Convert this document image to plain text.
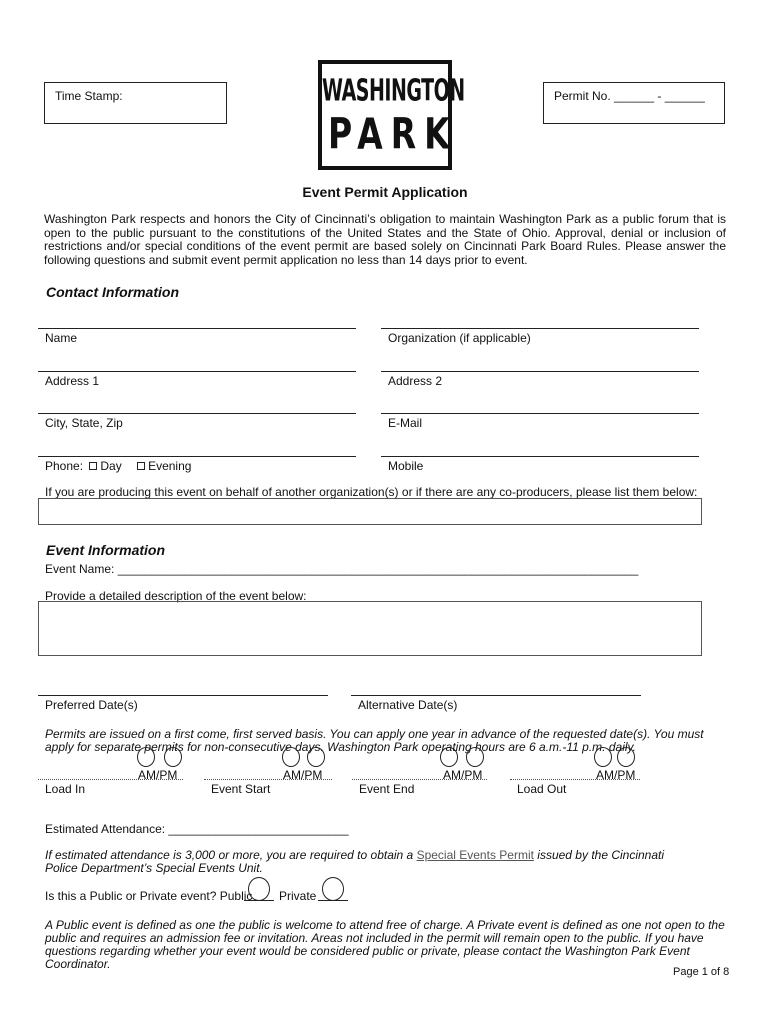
Time Stamp:	Permit No. ______ - ______
WASHINGTON
PARK
Event Permit Application
Washington Park respects and honors the City of Cincinnati’s obligation to maintain Washington Park as a public forum that is open to the public pursuant to the constitutions of the United States and the State of Ohio. Approval, denial or inclusion of restrictions and/or special conditions of the event permit are based solely on Cincinnati Park Board Rules. Please answer the following questions and submit event permit application no less than 14 days prior to event.
Contact Information
Name	Organization (if applicable)
Address 1	Address 2
City, State, Zip	E-Mail
Phone: Day Evening	Mobile
If you are producing this event on behalf of another organization(s) or if there are any co-producers, please list them below:
Event Information
Event Name: ______________________________________________________________________________
Provide a detailed description of the event below:
Preferred Date(s)	Alternative Date(s)
Permits are issued on a first come, first served basis. You can apply one year in advance of the requested date(s). You must apply for separate permits for non-consecutive days. Washington Park operating hours are 6 a.m.-11 p.m. daily.
AM/PM
Load In
AM/PM
Event Start
AM/PM
Event End
AM/PM
Load Out
Estimated Attendance: ___________________________
If estimated attendance is 3,000 or more, you are required to obtain a Special Events Permit issued by the Cincinnati Police Department’s Special Events Unit.
Is this a Public or Private event? Public Private
A Public event is defined as one the public is welcome to attend free of charge. A Private event is defined as one not open to the public and requires an admission fee or invitation. Areas not included in the permit will remain open to the public. If you have questions regarding whether your event would be considered public or private, please contact the Washington Park Event Coordinator.
Page 1 of 8
